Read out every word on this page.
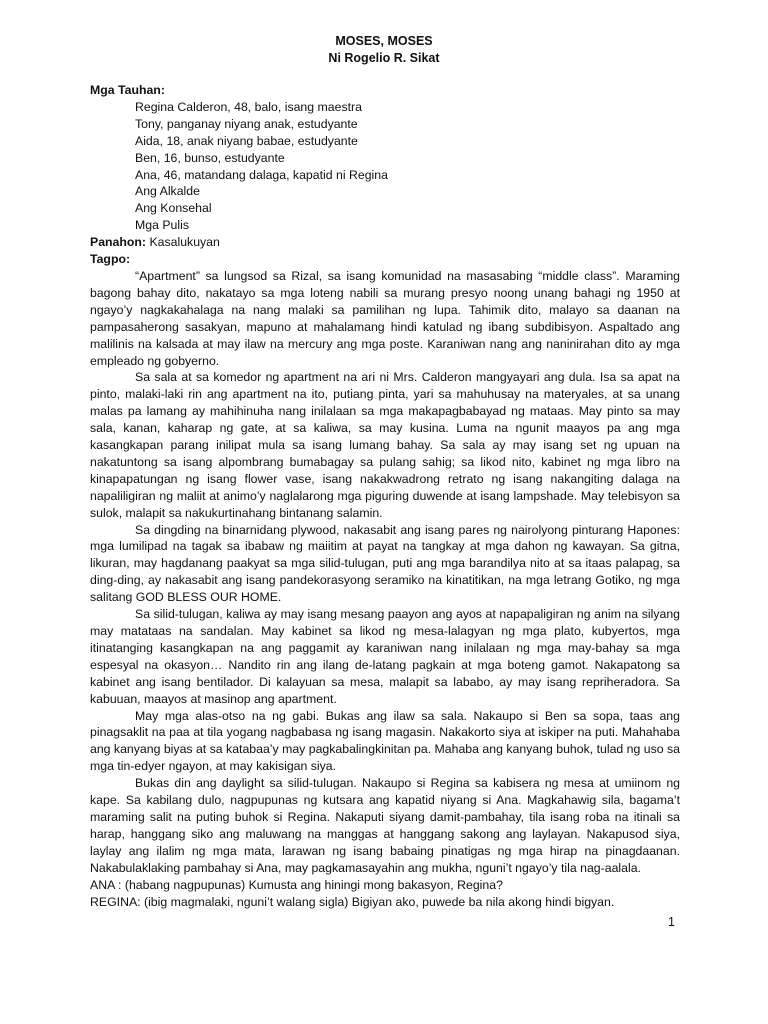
MOSES, MOSES
Ni Rogelio R. Sikat
Mga Tauhan:
Regina Calderon, 48, balo, isang maestra
Tony, panganay niyang anak, estudyante
Aida, 18, anak niyang babae, estudyante
Ben, 16, bunso, estudyante
Ana, 46, matandang dalaga, kapatid ni Regina
Ang Alkalde
Ang Konsehal
Mga Pulis
Panahon: Kasalukuyan
Tagpo:

“Apartment” sa lungsod sa Rizal, sa isang komunidad na masasabing “middle class”. Maraming bagong bahay dito, nakatayo sa mga loteng nabili sa murang presyo noong unang bahagi ng 1950 at ngayo’y nagkakahalaga na nang malaki sa pamilihan ng lupa. Tahimik dito, malayo sa daanan na pampasaherong sasakyan, mapuno at mahalamang hindi katulad ng ibang subdibisyon. Aspaltado ang malilinis na kalsada at may ilaw na mercury ang mga poste. Karaniwan nang ang naninirahan dito ay mga empleado ng gobyerno.

Sa sala at sa komedor ng apartment na ari ni Mrs. Calderon mangyayari ang dula. Isa sa apat na pinto, malaki-laki rin ang apartment na ito, putiang pinta, yari sa mahuhusay na materyales, at sa unang malas pa lamang ay mahihinuha nang inilalaan sa mga makapagbabayad ng mataas. May pinto sa may sala, kanan, kaharap ng gate, at sa kaliwa, sa may kusina. Luma na ngunit maayos pa ang mga kasangkapan parang inilipat mula sa isang lumang bahay. Sa sala ay may isang set ng upuan na nakatuntong sa isang alpombrang bumabagay sa pulang sahig; sa likod nito, kabinet ng mga libro na kinapapatungan ng isang flower vase, isang nakakwadrong retrato ng isang nakangiting dalaga na napaliligiran ng maliit at animo’y naglalarong mga piguring duwende at isang lampshade. May telebisyon sa sulok, malapit sa nakukurtinahang bintanang salamin.

Sa dingding na binarnidang plywood, nakasabit ang isang pares ng nairolyong pinturang Hapones: mga lumilipad na tagak sa ibabaw ng maiitim at payat na tangkay at mga dahon ng kawayan. Sa gitna, likuran, may hagdanang paakyat sa mga silid-tulugan, puti ang mga barandilya nito at sa itaas palapag, sa ding-ding, ay nakasabit ang isang pandekorasyong seramiko na kinatitikan, na mga letrang Gotiko, ng mga salitang GOD BLESS OUR HOME.

Sa silid-tulugan, kaliwa ay may isang mesang paayon ang ayos at napapaligiran ng anim na silyang may matataas na sandalan. May kabinet sa likod ng mesa-lalagyan ng mga plato, kubyertos, mga itinatanging kasangkapan na ang paggamit ay karaniwan nang inilalaan ng mga may-bahay sa mga espesyal na okasyon… Nandito rin ang ilang de-latang pagkain at mga boteng gamot. Nakapatong sa kabinet ang isang bentilador. Di kalayuan sa mesa, malapit sa lababo, ay may isang repriheradora. Sa kabuuan, maayos at masinop ang apartment.

May mga alas-otso na ng gabi. Bukas ang ilaw sa sala. Nakaupo si Ben sa sopa, taas ang pinagsaklit na paa at tila yogang nagbabasa ng isang magasin. Nakakorto siya at iskiper na puti. Mahahaba ang kanyang biyas at sa katabaa’y may pagkabalingkinitan pa. Mahaba ang kanyang buhok, tulad ng uso sa mga tin-edyer ngayon, at may kakisigan siya.

Bukas din ang daylight sa silid-tulugan. Nakaupo si Regina sa kabisera ng mesa at umiinom ng kape. Sa kabilang dulo, nagpupunas ng kutsara ang kapatid niyang si Ana. Magkahawig sila, bagama’t maraming salit na puting buhok si Regina. Nakaputi siyang damit-pambahay, tila isang roba na itinali sa harap, hanggang siko ang maluwang na manggas at hanggang sakong ang laylayan. Nakapusod siya, laylay ang ilalim ng mga mata, larawan ng isang babaing pinatigas ng mga hirap na pinagdaanan. Nakabulaklaking pambahay si Ana, may pagkamasayahin ang mukha, nguni’t ngayo’y tila nag-aalala.

ANA : (habang nagpupunas) Kumusta ang hiningi mong bakasyon, Regina?

REGINA: (ibig magmalaki, nguni’t walang sigla) Bigiyan ako, puwede ba nila akong hindi bigyan.

1
